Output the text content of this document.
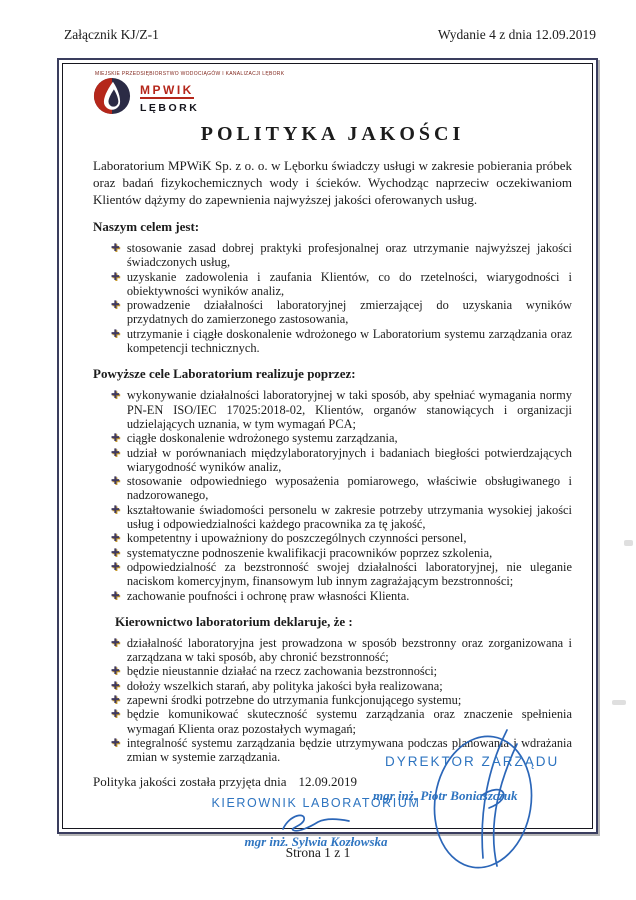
Załącznik KJ/Z-1	Wydanie 4 z dnia 12.09.2019
MIEJSKIE PRZEDSIĘBIORSTWO WODOCIĄGÓW I KANALIZACJI LĘBORK
MPWIK
LĘBORK
POLITYKA JAKOŚCI

Laboratorium MPWiK Sp. z o. o. w Lęborku świadczy usługi w zakresie pobierania próbek oraz badań fizykochemicznych wody i ścieków. Wychodząc naprzeciw oczekiwaniom Klientów dążymy do zapewnienia najwyższej jakości oferowanych usług.

Naszym celem jest:
✚ stosowanie zasad dobrej praktyki profesjonalnej oraz utrzymanie najwyższej jakości świadczonych usług,
✚ uzyskanie zadowolenia i zaufania Klientów, co do rzetelności, wiarygodności i obiektywności wyników analiz,
✚ prowadzenie działalności laboratoryjnej zmierzającej do uzyskania wyników przydatnych do zamierzonego zastosowania,
✚ utrzymanie i ciągłe doskonalenie wdrożonego w Laboratorium systemu zarządzania oraz kompetencji technicznych.
Powyższe cele Laboratorium realizuje poprzez:
✚ wykonywanie działalności laboratoryjnej w taki sposób, aby spełniać wymagania normy PN-EN ISO/IEC 17025:2018-02, Klientów, organów stanowiących i organizacji udzielających uznania, w tym wymagań PCA;
✚ ciągłe doskonalenie wdrożonego systemu zarządzania,
✚ udział w porównaniach międzylaboratoryjnych i badaniach biegłości potwierdzających wiarygodność wyników analiz,
✚ stosowanie odpowiedniego wyposażenia pomiarowego, właściwie obsługiwanego i nadzorowanego,
✚ kształtowanie świadomości personelu w zakresie potrzeby utrzymania wysokiej jakości usług i odpowiedzialności każdego pracownika za tę jakość,
✚ kompetentny i upoważniony do poszczególnych czynności personel,
✚ systematyczne podnoszenie kwalifikacji pracowników poprzez szkolenia,
✚ odpowiedzialność za bezstronność swojej działalności laboratoryjnej, nie uleganie naciskom komercyjnym, finansowym lub innym zagrażającym bezstronności;
✚ zachowanie poufności i ochronę praw własności Klienta.
Kierownictwo laboratorium deklaruje, że :
✚ działalność laboratoryjna jest prowadzona w sposób bezstronny oraz zorganizowana i zarządzana w taki sposób, aby chronić bezstronność;
✚ będzie nieustannie działać na rzecz zachowania bezstronności;
✚ dołoży wszelkich starań, aby polityka jakości była realizowana;
✚ zapewni środki potrzebne do utrzymania funkcjonującego systemu;
✚ będzie komunikować skuteczność systemu zarządzania oraz znaczenie spełnienia wymagań Klienta oraz pozostałych wymagań;
✚ integralność systemu zarządzania będzie utrzymywana podczas planowania i wdrażania zmian w systemie zarządzania.
Polityka jakości została przyjęta dnia 12.09.2019
KIEROWNIK LABORATORIUM
mgr inż. Sylwia Kozłowska
DYREKTOR ZARZĄDU
mgr inż. Piotr Boniaszczuk
Strona 1 z 1
